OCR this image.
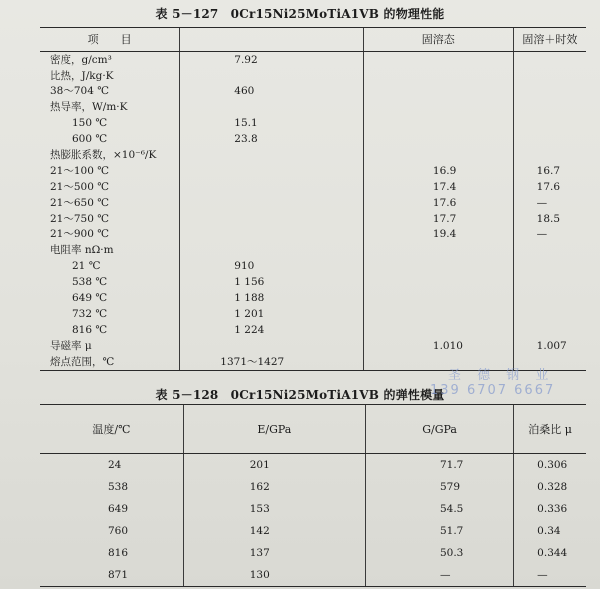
表 5－127　0Cr15Ni25MoTiA1VB 的物理性能
项　　目		固溶态	固溶＋时效
密度，g/cm³	7.92		
比热，J/kg·K			
38～704 ℃	460		
热导率，W/m·K			
150 ℃	15.1		
600 ℃	23.8		
热膨胀系数，×10⁻⁶/K			
21～100 ℃		16.9	16.7
21～500 ℃		17.4	17.6
21～650 ℃		17.6	—
21～750 ℃		17.7	18.5
21～900 ℃		19.4	—
电阻率 nΩ·m			
21 ℃	910		
538 ℃	1 156		
649 ℃	1 188		
732 ℃	1 201		
816 ℃	1 224		
导磁率 μ		1.010	1.007
熔点范围，℃	1371～1427		
表 5－128　0Cr15Ni25MoTiA1VB 的弹性模量
圣 德 钢 业
139 6707 6667
温度/℃	E/GPa	G/GPa	泊桑比 μ
24	201	71.7	0.306
538	162	579	0.328
649	153	54.5	0.336
760	142	51.7	0.34
816	137	50.3	0.344
871	130	—	—
